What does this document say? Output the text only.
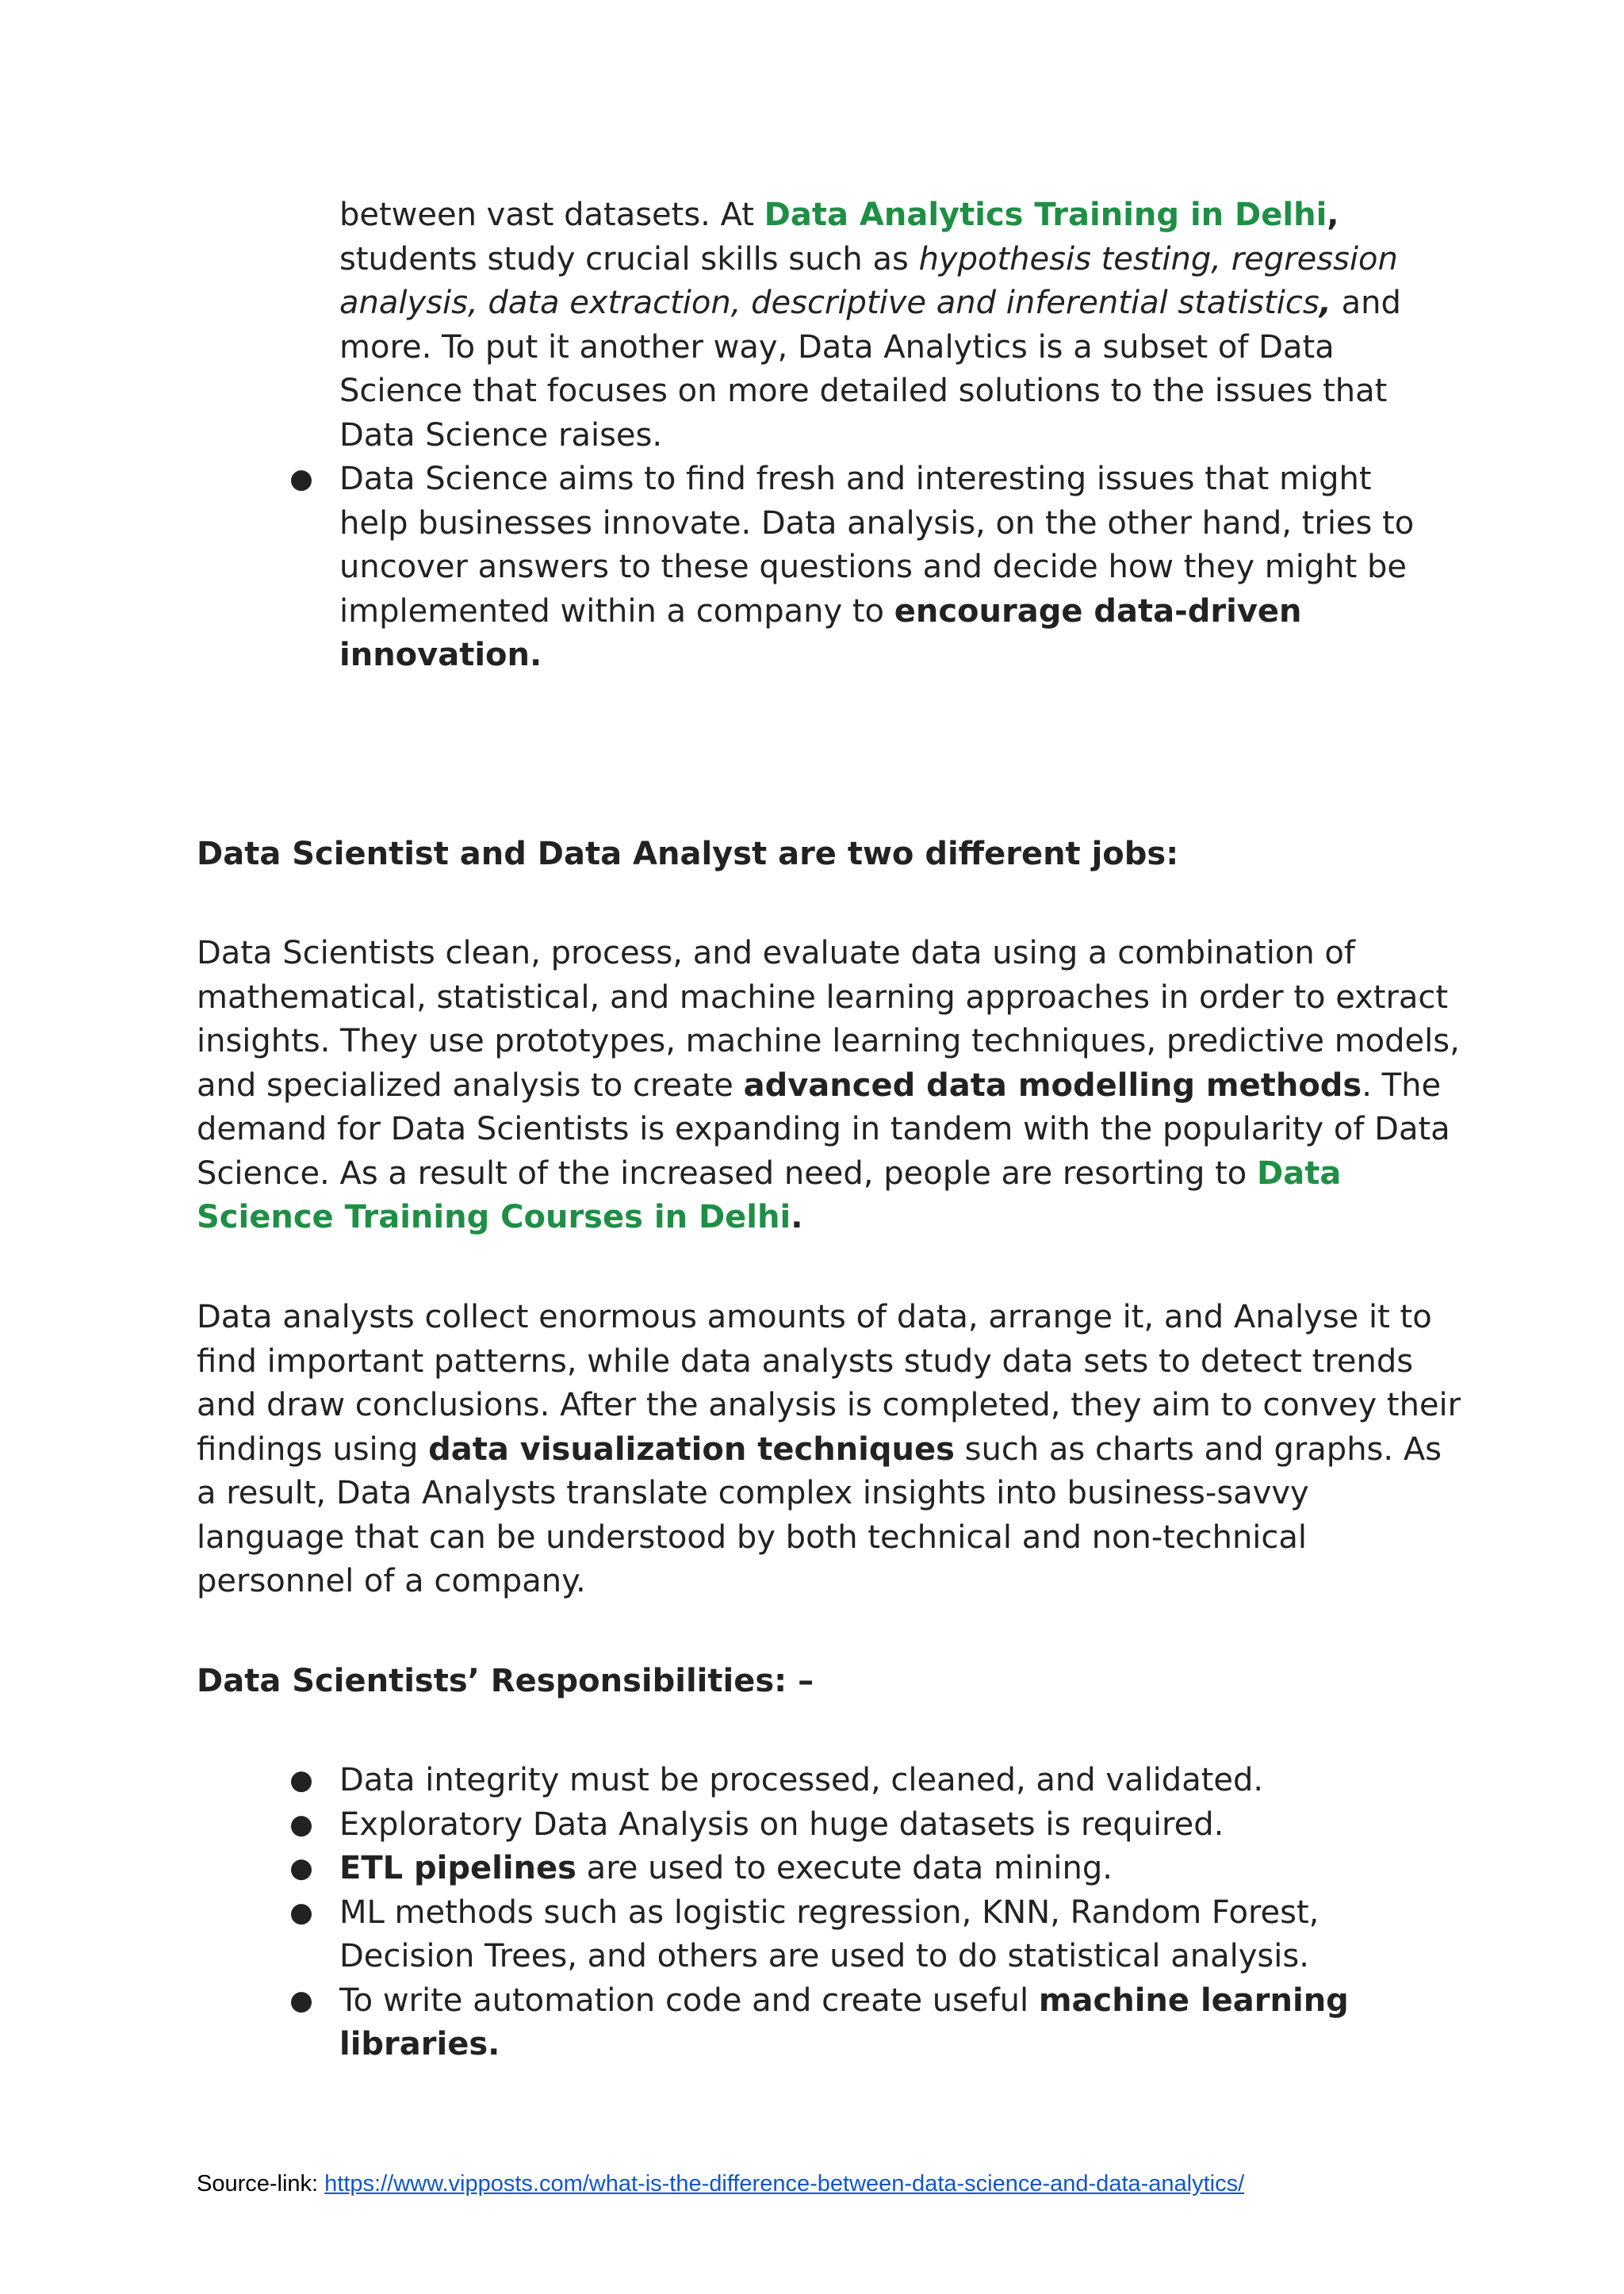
between vast datasets. At Data Analytics Training in Delhi, students study crucial skills such as hypothesis testing, regression analysis, data extraction, descriptive and inferential statistics, and more. To put it another way, Data Analytics is a subset of Data Science that focuses on more detailed solutions to the issues that Data Science raises.
● Data Science aims to find fresh and interesting issues that might help businesses innovate. Data analysis, on the other hand, tries to uncover answers to these questions and decide how they might be implemented within a company to encourage data-driven innovation.
Data Scientist and Data Analyst are two different jobs:

Data Scientists clean, process, and evaluate data using a combination of mathematical, statistical, and machine learning approaches in order to extract insights. They use prototypes, machine learning techniques, predictive models, and specialized analysis to create advanced data modelling methods. The demand for Data Scientists is expanding in tandem with the popularity of Data Science. As a result of the increased need, people are resorting to Data Science Training Courses in Delhi.

Data analysts collect enormous amounts of data, arrange it, and Analyse it to find important patterns, while data analysts study data sets to detect trends and draw conclusions. After the analysis is completed, they aim to convey their findings using data visualization techniques such as charts and graphs. As a result, Data Analysts translate complex insights into business-savvy language that can be understood by both technical and non-technical personnel of a company.

Data Scientists’ Responsibilities: –
● Data integrity must be processed, cleaned, and validated.
● Exploratory Data Analysis on huge datasets is required.
● ETL pipelines are used to execute data mining.
● ML methods such as logistic regression, KNN, Random Forest, Decision Trees, and others are used to do statistical analysis.
● To write automation code and create useful machine learning libraries.
Source-link: https://www.vipposts.com/what-is-the-difference-between-data-science-and-data-analytics/
